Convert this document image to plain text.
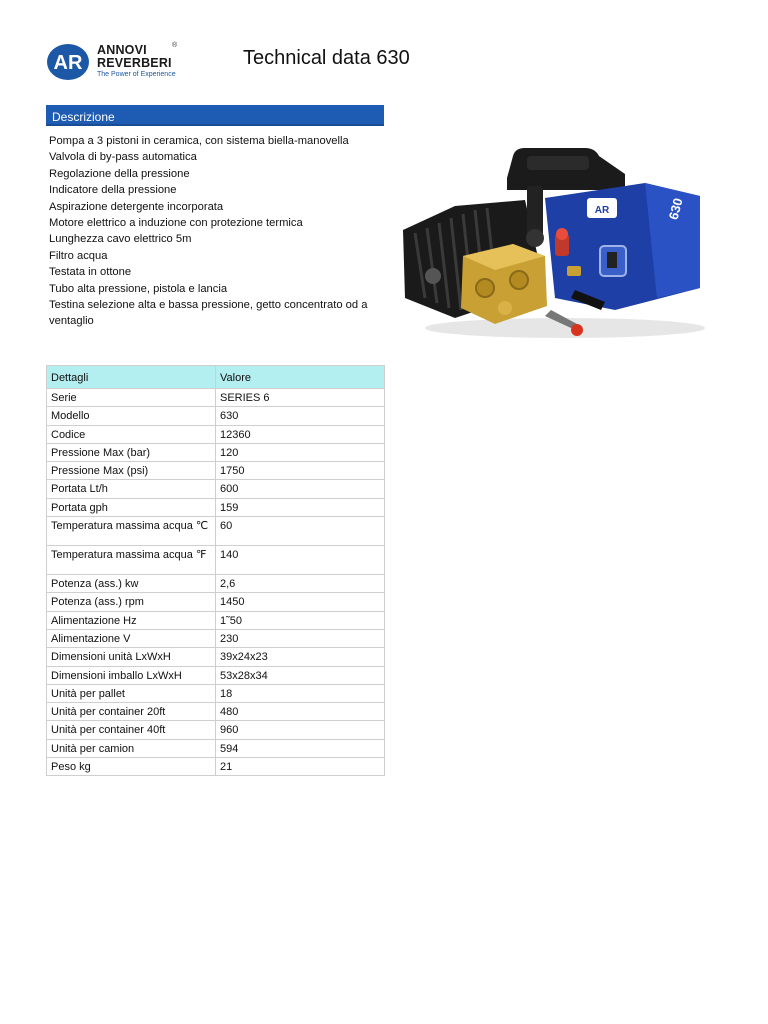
AR
ANNOVI
REVERBERI
The Power of Experience
®
Technical data 630
Descrizione
Pompa a 3 pistoni in ceramica, con sistema biella-manovella
Valvola di by-pass automatica
Regolazione della pressione
Indicatore della pressione
Aspirazione detergente incorporata
Motore elettrico a induzione con protezione termica
Lunghezza cavo elettrico 5m
Filtro acqua
Testata in ottone
Tubo alta pressione, pistola e lancia
Testina selezione alta e bassa pressione, getto concentrato od a ventaglio
AR	630
Dettagli	Valore
Serie	SERIES 6
Modello	630
Codice	12360
Pressione Max (bar)	120
Pressione Max (psi)	1750
Portata Lt/h	600
Portata gph	159
Temperatura massima acqua ℃	60
Temperatura massima acqua ℉	140
Potenza (ass.) kw	2,6
Potenza (ass.) rpm	1450
Alimentazione Hz	1˜50
Alimentazione V	230
Dimensioni unità LxWxH	39x24x23
Dimensioni imballo LxWxH	53x28x34
Unità per pallet	18
Unità per container 20ft	480
Unità per container 40ft	960
Unità per camion	594
Peso kg	21
